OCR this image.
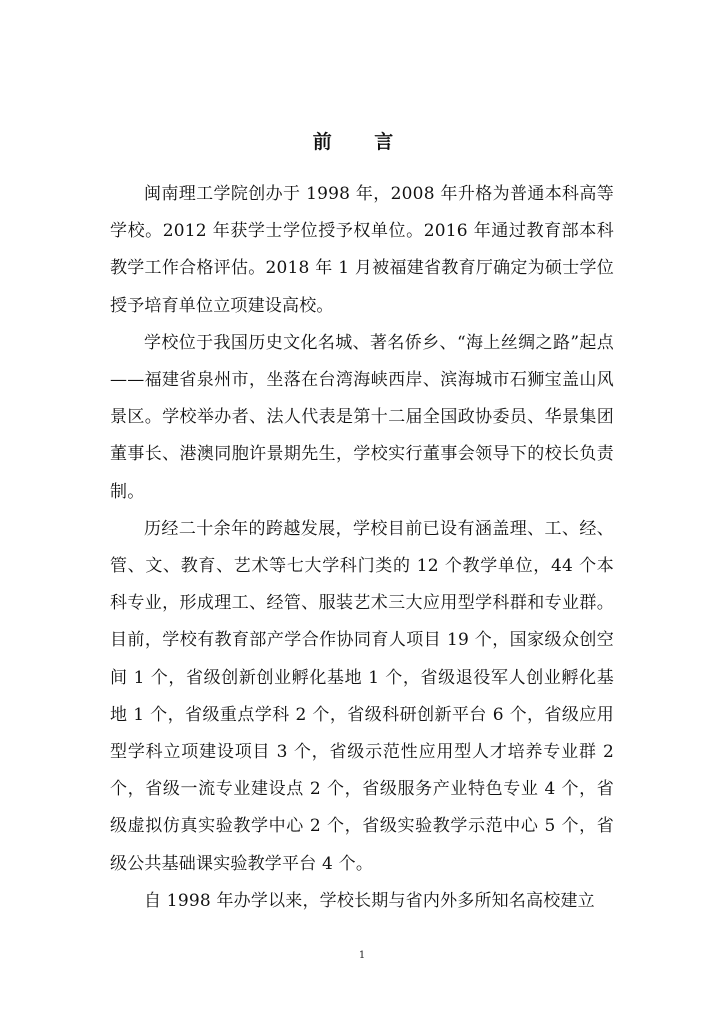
前 言

闽南理工学院创办于 1998 年，2008 年升格为普通本科高等学校。2012 年获学士学位授予权单位。2016 年通过教育部本科教学工作合格评估。2018 年 1 月被福建省教育厅确定为硕士学位授予培育单位立项建设高校。

学校位于我国历史文化名城、著名侨乡、“海上丝绸之路”起点——福建省泉州市，坐落在台湾海峡西岸、滨海城市石狮宝盖山风景区。学校举办者、法人代表是第十二届全国政协委员、华景集团董事长、港澳同胞许景期先生，学校实行董事会领导下的校长负责制。

历经二十余年的跨越发展，学校目前已设有涵盖理、工、经、管、文、教育、艺术等七大学科门类的 12 个教学单位，44 个本科专业，形成理工、经管、服装艺术三大应用型学科群和专业群。目前，学校有教育部产学合作协同育人项目 19 个，国家级众创空间 1 个，省级创新创业孵化基地 1 个，省级退役军人创业孵化基地 1 个，省级重点学科 2 个，省级科研创新平台 6 个，省级应用型学科立项建设项目 3 个，省级示范性应用型人才培养专业群 2 个，省级一流专业建设点 2 个，省级服务产业特色专业 4 个，省级虚拟仿真实验教学中心 2 个，省级实验教学示范中心 5 个，省级公共基础课实验教学平台 4 个。

自 1998 年办学以来，学校长期与省内外多所知名高校建立

1
